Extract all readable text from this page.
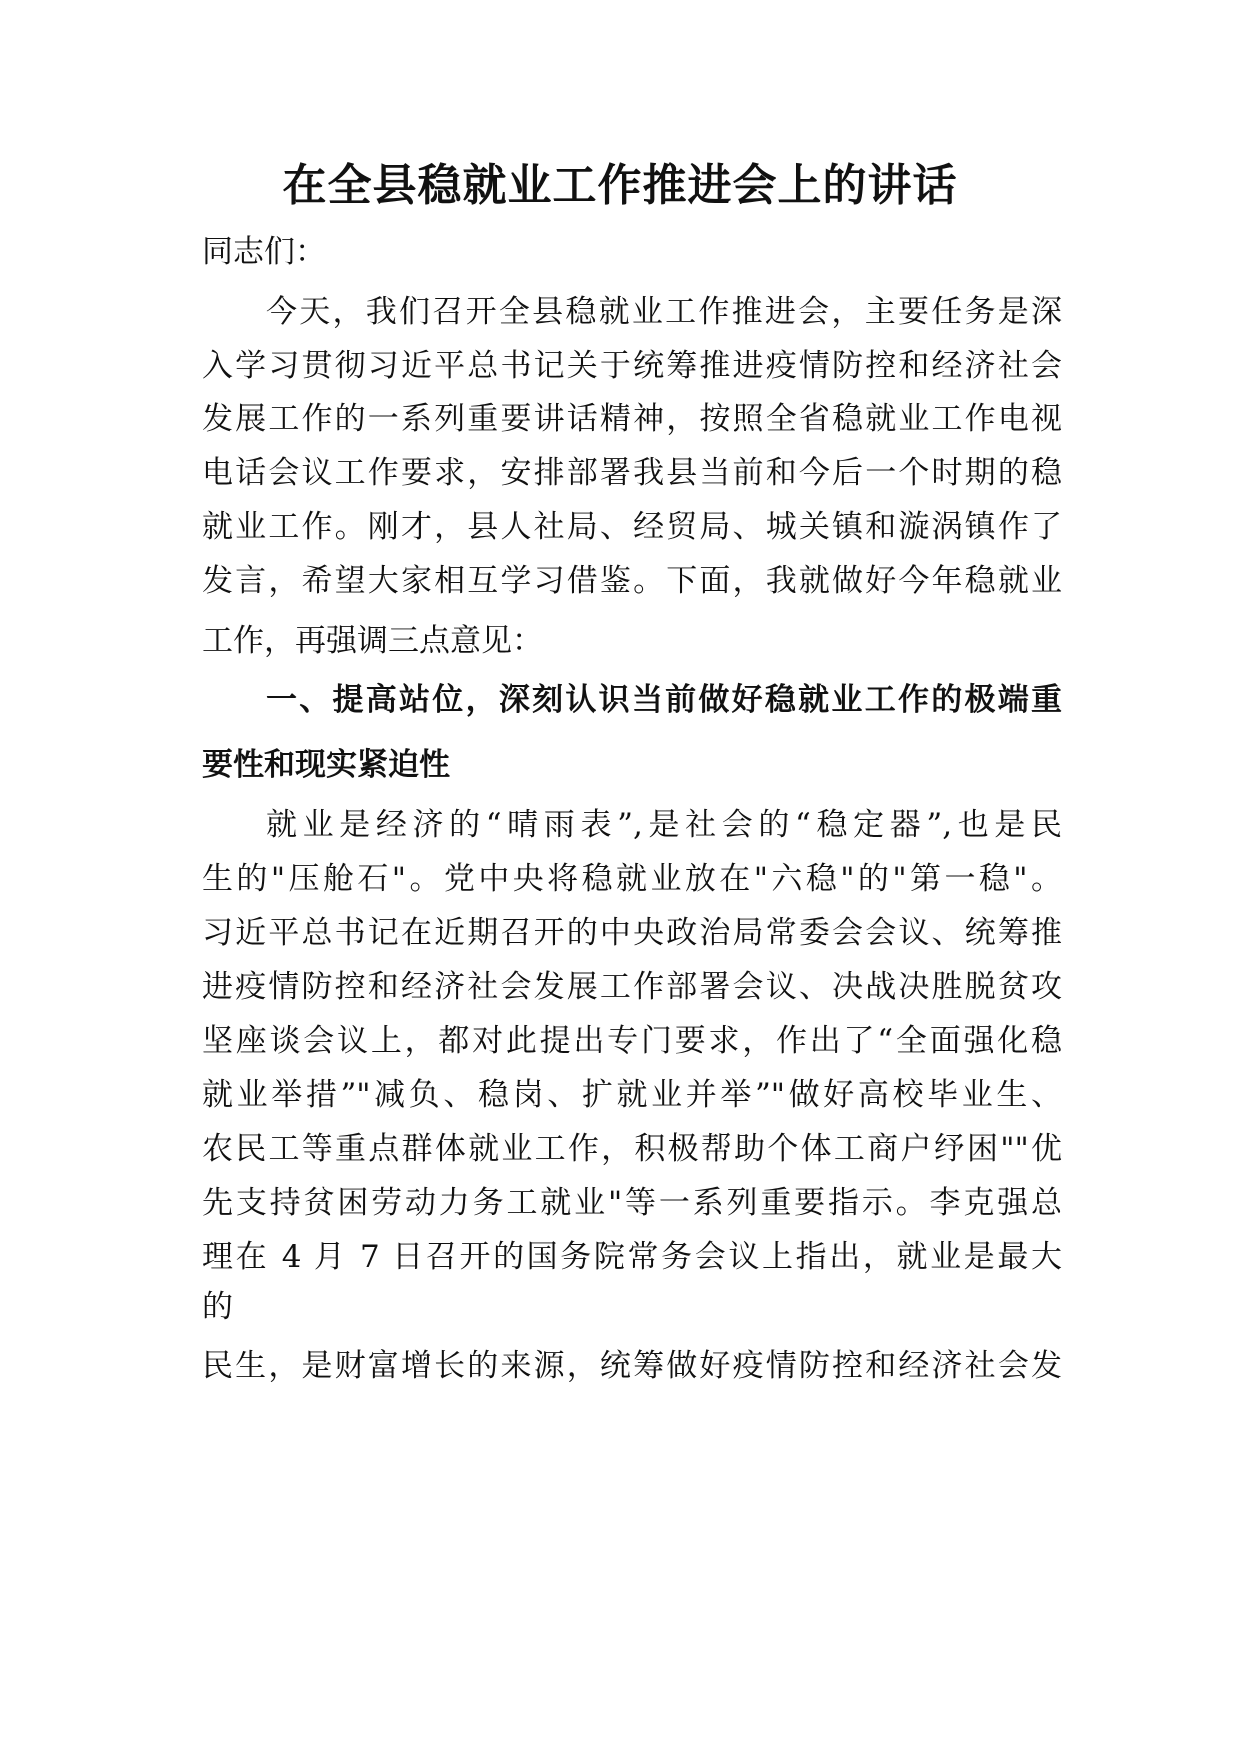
在全县稳就业工作推进会上的讲话

同志们：

今天，我们召开全县稳就业工作推进会，主要任务是深

入学习贯彻习近平总书记关于统筹推进疫情防控和经济社会

发展工作的一系列重要讲话精神，按照全省稳就业工作电视

电话会议工作要求，安排部署我县当前和今后一个时期的稳

就业工作。刚才，县人社局、经贸局、城关镇和漩涡镇作了

发言，希望大家相互学习借鉴。下面，我就做好今年稳就业

工作，再强调三点意见：

一、提高站位，深刻认识当前做好稳就业工作的极端重

要性和现实紧迫性

就业是经济的“晴雨表”,是社会的“稳定器”,也是民

生的"压舱石"。党中央将稳就业放在"六稳"的"第一稳"。

习近平总书记在近期召开的中央政治局常委会会议、统筹推

进疫情防控和经济社会发展工作部署会议、决战决胜脱贫攻

坚座谈会议上，都对此提出专门要求，作出了“全面强化稳

就业举措”"减负、稳岗、扩就业并举”"做好高校毕业生、

农民工等重点群体就业工作，积极帮助个体工商户纾困""优

先支持贫困劳动力务工就业"等一系列重要指示。李克强总

理在 4 月 7 日召开的国务院常务会议上指出，就业是最大

的

民生，是财富增长的来源，统筹做好疫情防控和经济社会发
